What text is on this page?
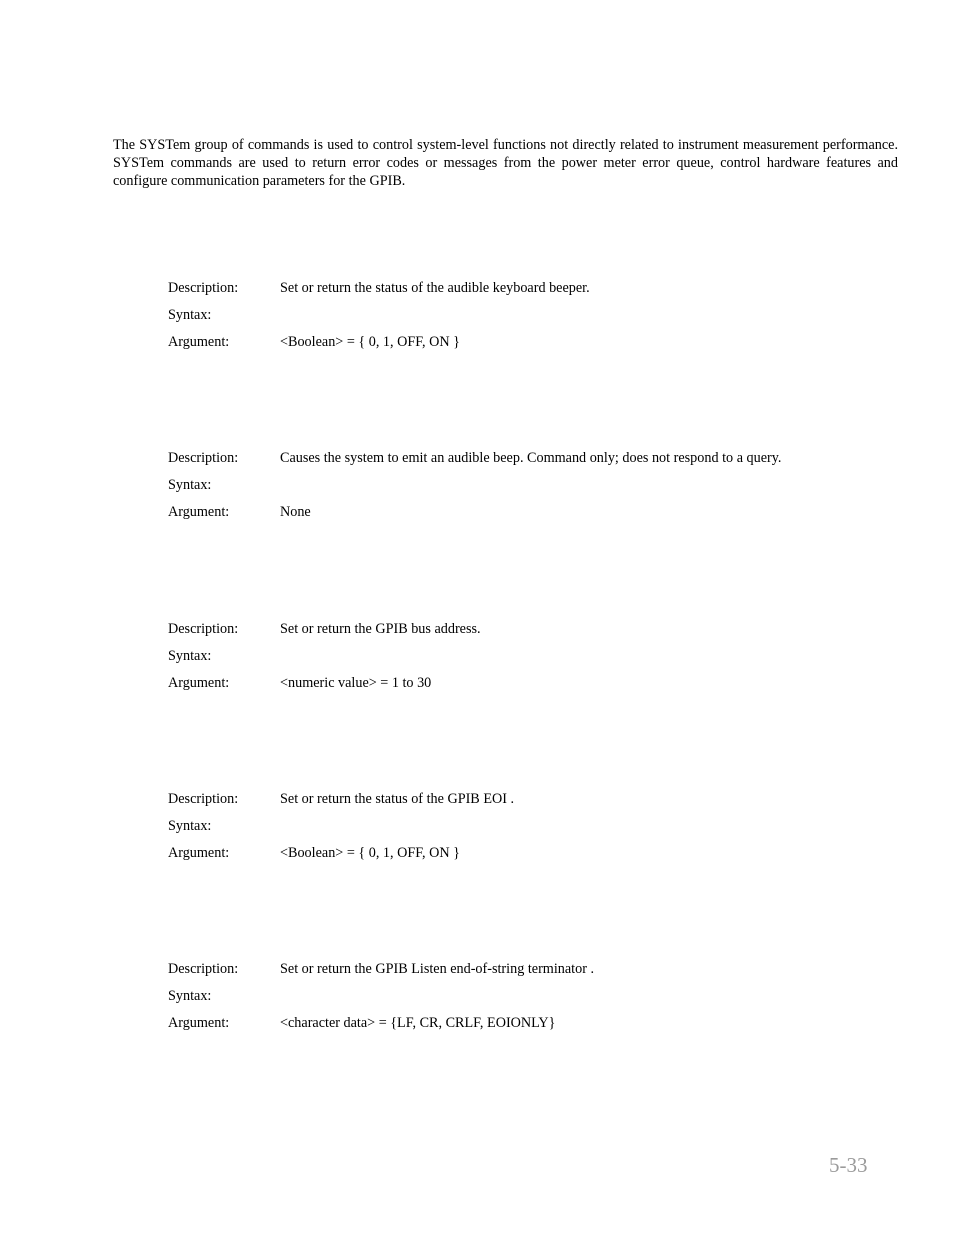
The SYSTem group of commands is used to control system-level functions not directly related to instrument measurement performance. SYSTem commands are used to return error codes or messages from the power meter error queue, control hardware features and configure communication parameters for the GPIB.
Description:	Set or return the status of the audible keyboard beeper.
Syntax:
Argument:	<Boolean> = { 0, 1, OFF, ON }
Description:	Causes the system to emit an audible beep. Command only; does not respond to a query.
Syntax:
Argument:	None
Description:	Set or return the GPIB bus address.
Syntax:
Argument:	<numeric value> = 1 to 30
Description:	Set or return the status of the GPIB EOI .
Syntax:
Argument:	<Boolean> = { 0, 1, OFF, ON }
Description:	Set or return the GPIB Listen end-of-string terminator .
Syntax:
Argument:	<character data> = {LF, CR, CRLF, EOIONLY}
5-33
